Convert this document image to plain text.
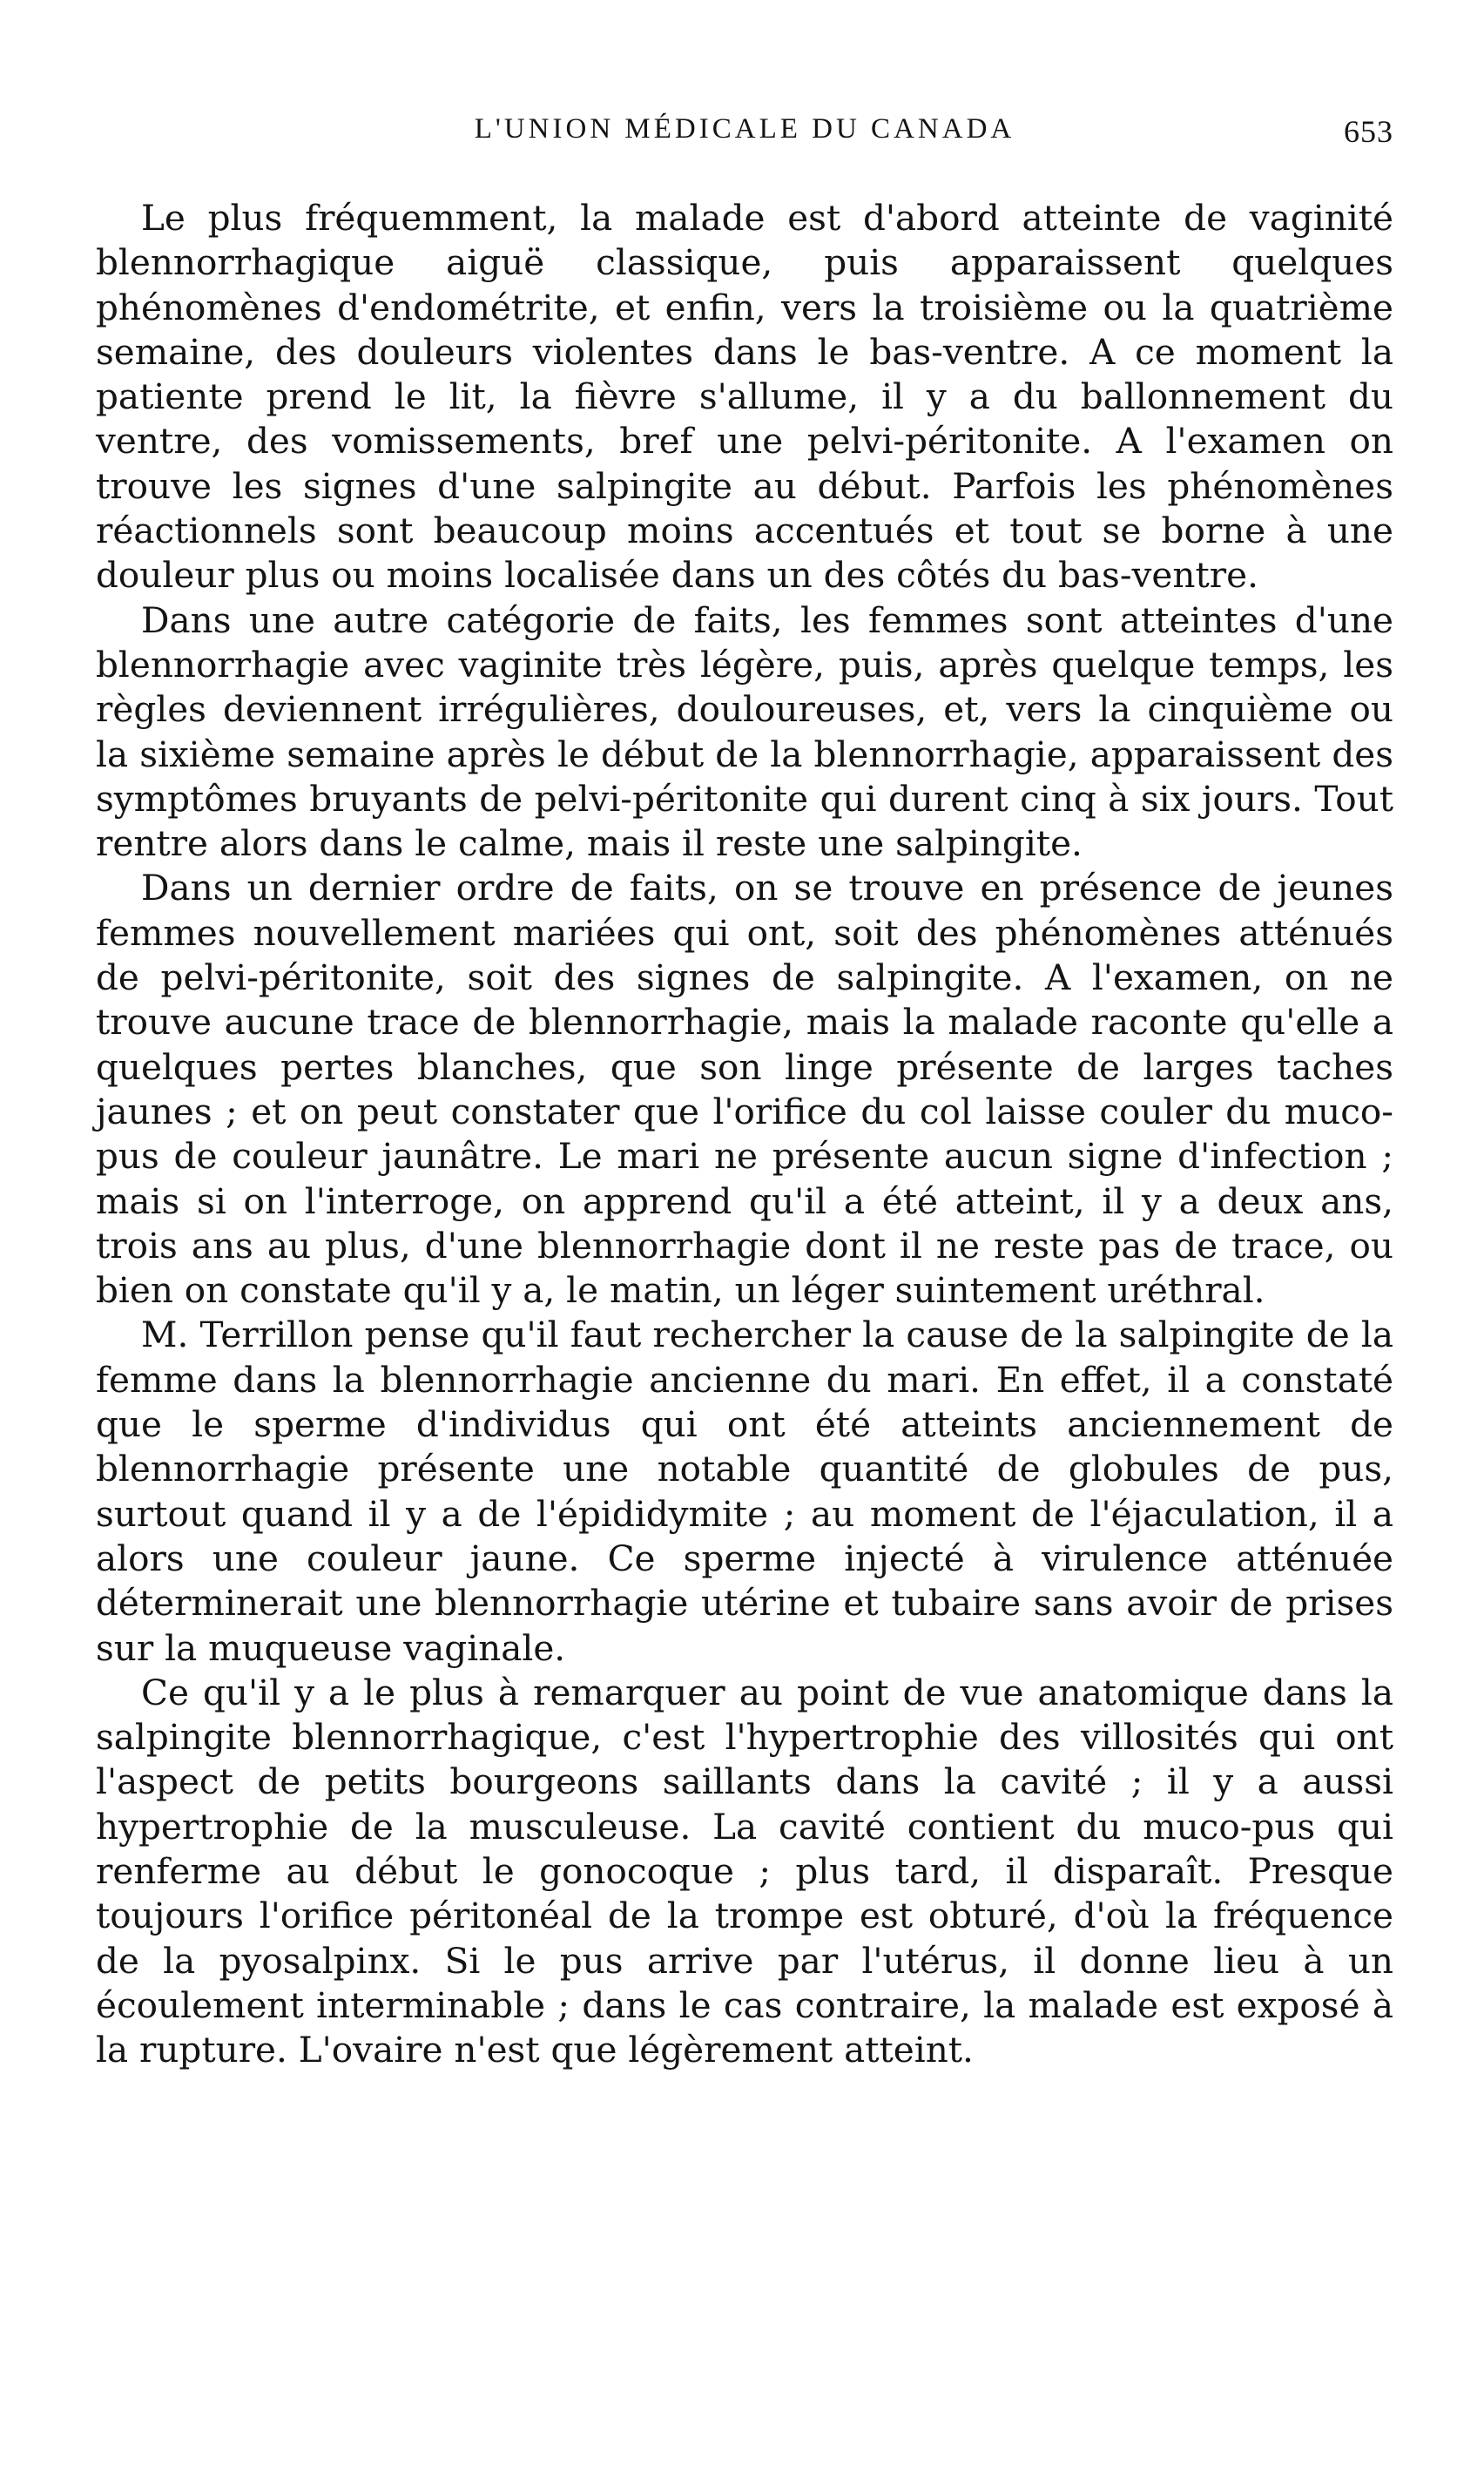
L'UNION MÉDICALE DU CANADA	653

Le plus fréquemment, la malade est d'abord atteinte de vaginité blennorrhagique aiguë classique, puis apparaissent quelques phénomènes d'endométrite, et enfin, vers la troisième ou la quatrième semaine, des douleurs violentes dans le bas-ventre. A ce moment la patiente prend le lit, la fièvre s'allume, il y a du ballonnement du ventre, des vomissements, bref une pelvi-péritonite. A l'examen on trouve les signes d'une salpingite au début. Parfois les phénomènes réactionnels sont beaucoup moins accentués et tout se borne à une douleur plus ou moins localisée dans un des côtés du bas-ventre.

Dans une autre catégorie de faits, les femmes sont atteintes d'une blennorrhagie avec vaginite très légère, puis, après quelque temps, les règles deviennent irrégulières, douloureuses, et, vers la cinquième ou la sixième semaine après le début de la blennorrhagie, apparaissent des symptômes bruyants de pelvi-péritonite qui durent cinq à six jours. Tout rentre alors dans le calme, mais il reste une salpingite.

Dans un dernier ordre de faits, on se trouve en présence de jeunes femmes nouvellement mariées qui ont, soit des phénomènes atténués de pelvi-péritonite, soit des signes de salpingite. A l'examen, on ne trouve aucune trace de blennorrhagie, mais la malade raconte qu'elle a quelques pertes blanches, que son linge présente de larges taches jaunes ; et on peut constater que l'orifice du col laisse couler du muco-pus de couleur jaunâtre. Le mari ne présente aucun signe d'infection ; mais si on l'interroge, on apprend qu'il a été atteint, il y a deux ans, trois ans au plus, d'une blennorrhagie dont il ne reste pas de trace, ou bien on constate qu'il y a, le matin, un léger suintement uréthral.

M. Terrillon pense qu'il faut rechercher la cause de la salpingite de la femme dans la blennorrhagie ancienne du mari. En effet, il a constaté que le sperme d'individus qui ont été atteints anciennement de blennorrhagie présente une notable quantité de globules de pus, surtout quand il y a de l'épididymite ; au moment de l'éjaculation, il a alors une couleur jaune. Ce sperme injecté à virulence atténuée déterminerait une blennorrhagie utérine et tubaire sans avoir de prises sur la muqueuse vaginale.

Ce qu'il y a le plus à remarquer au point de vue anatomique dans la salpingite blennorrhagique, c'est l'hypertrophie des villosités qui ont l'aspect de petits bourgeons saillants dans la cavité ; il y a aussi hypertrophie de la musculeuse. La cavité contient du muco-pus qui renferme au début le gonocoque ; plus tard, il disparaît. Presque toujours l'orifice péritonéal de la trompe est obturé, d'où la fréquence de la pyosalpinx. Si le pus arrive par l'utérus, il donne lieu à un écoulement interminable ; dans le cas contraire, la malade est exposé à la rupture. L'ovaire n'est que légèrement atteint.
